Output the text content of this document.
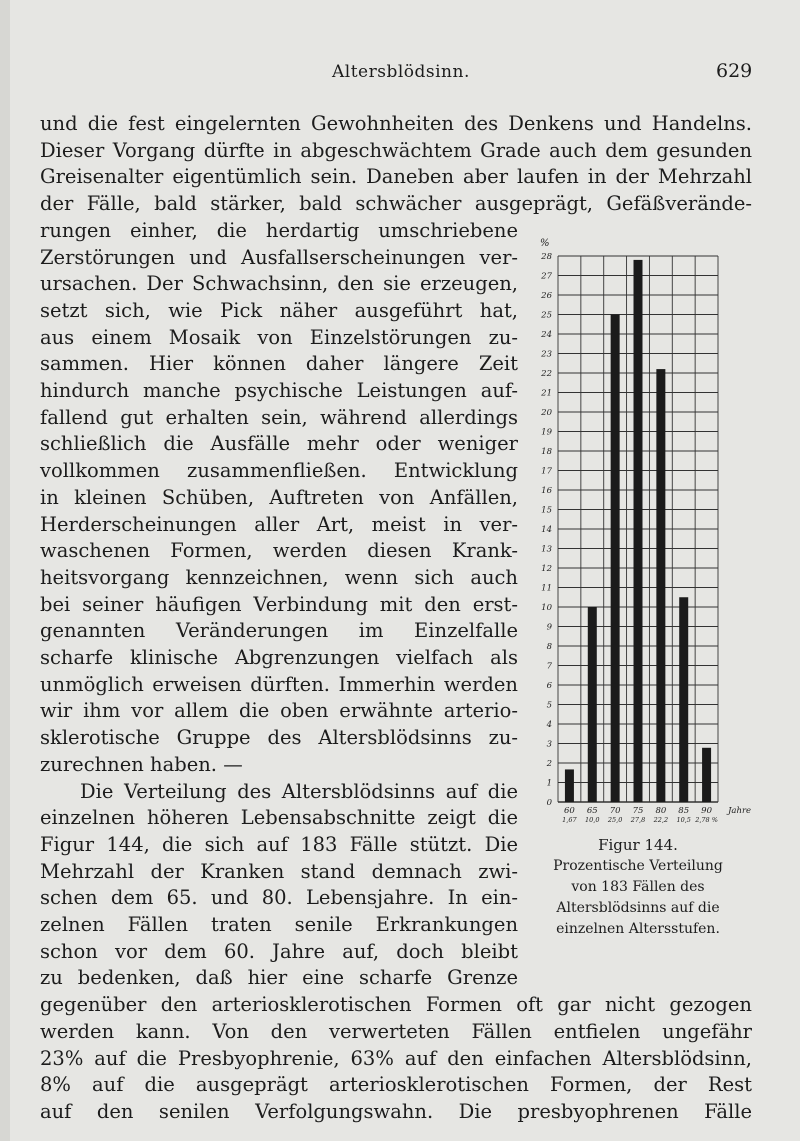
Altersblödsinn.	629
und die fest eingelernten Gewohnheiten des Denkens und Handelns.
Dieser Vorgang dürfte in abgeschwächtem Grade auch dem gesunden
Greisenalter eigentümlich sein. Daneben aber laufen in der Mehrzahl
der Fälle, bald stärker, bald schwächer ausgeprägt, Gefäßverände-
rungen einher, die herdartig umschriebene
Zerstörungen und Ausfallserscheinungen ver-
ursachen. Der Schwachsinn, den sie erzeugen,
setzt sich, wie Pick näher ausgeführt hat,
aus einem Mosaik von Einzelstörungen zu-
sammen. Hier können daher längere Zeit
hindurch manche psychische Leistungen auf-
fallend gut erhalten sein, während allerdings
schließlich die Ausfälle mehr oder weniger
vollkommen zusammenfließen. Entwicklung
in kleinen Schüben, Auftreten von Anfällen,
Herderscheinungen aller Art, meist in ver-
waschenen Formen, werden diesen Krank-
heitsvorgang kennzeichnen, wenn sich auch
bei seiner häufigen Verbindung mit den erst-
genannten Veränderungen im Einzelfalle
scharfe klinische Abgrenzungen vielfach als
unmöglich erweisen dürften. Immerhin werden
wir ihm vor allem die oben erwähnte arterio-
sklerotische Gruppe des Altersblödsinns zu-
zurechnen haben. —
Die Verteilung des Altersblödsinns auf die
einzelnen höheren Lebensabschnitte zeigt die
Figur 144, die sich auf 183 Fälle stützt. Die
Mehrzahl der Kranken stand demnach zwi-
schen dem 65. und 80. Lebensjahre. In ein-
zelnen Fällen traten senile Erkrankungen
schon vor dem 60. Jahre auf, doch bleibt
zu bedenken, daß hier eine scharfe Grenze
gegenüber den arteriosklerotischen Formen oft gar nicht gezogen
werden kann. Von den verwerteten Fällen entfielen ungefähr
23% auf die Presbyophrenie, 63% auf den einfachen Altersblödsinn,
8% auf die ausgeprägt arteriosklerotischen Formen, der Rest
auf den senilen Verfolgungswahn. Die presbyophrenen Fälle
0
1
2
3
4
5
6
7
8
9
10
11
12
13
14
15
16
17
18
19
20
21
22
23
24
25
26
27
28
%
60
1,67
65
10,0
70
25,0
75
27,8
80
22,2
85
10,5
90
2,78 %
Jahre
Figur 144.
Prozentische Verteilung
von 183 Fällen des
Altersblödsinns auf die
einzelnen Altersstufen.
